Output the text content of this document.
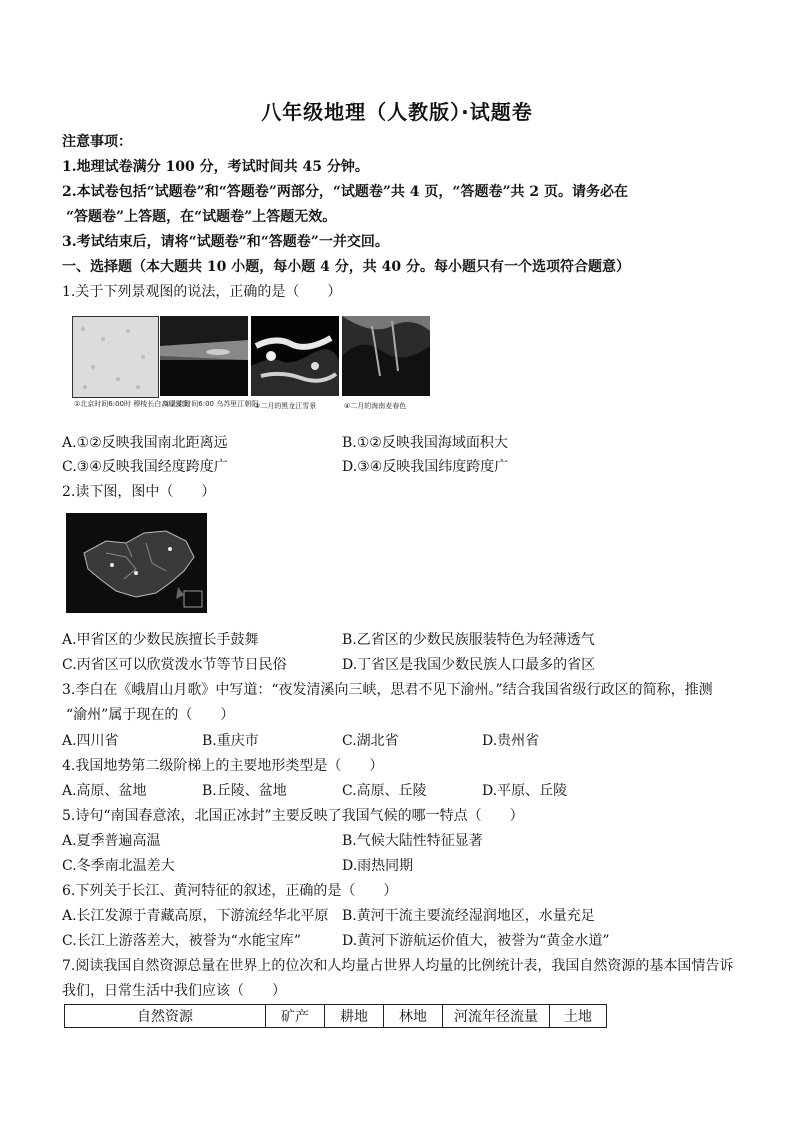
八年级地理（人教版）·试题卷
注意事项：
1.地理试卷满分 100 分，考试时间共 45 分钟。
2.本试卷包括“试题卷”和“答题卷”两部分，“试题卷”共 4 页，“答题卷”共 2 页。请务必在
“答题卷”上答题，在“试题卷”上答题无效。
3.考试结束后，请将“试题卷”和“答题卷”一并交回。
一、选择题（本大题共 10 小题，每小题 4 分，共 40 分。每小题只有一个选项符合题意）
1.关于下列景观图的说法，正确的是（　　）
①北京时间6:00时 穆棱长白高原夏窦
②北京时间6:00 乌苏里江朝阳
③二月的黑龙江雪景	④二月的海南麦春色
A.①②反映我国南北距离远	B.①②反映我国海域面积大
C.③④反映我国经度跨度广	D.③④反映我国纬度跨度广
2.读下图，图中（　　）
A.甲省区的少数民族擅长手鼓舞	B.乙省区的少数民族服装特色为轻薄透气
C.丙省区可以欣赏泼水节等节日民俗	D.丁省区是我国少数民族人口最多的省区
3.李白在《峨眉山月歌》中写道：“夜发清溪向三峡，思君不见下渝州。”结合我国省级行政区的简称，推测
“渝州”属于现在的（　　）
A.四川省	B.重庆市	C.湖北省	D.贵州省
4.我国地势第二级阶梯上的主要地形类型是（　　）
A.高原、盆地	B.丘陵、盆地	C.高原、丘陵	D.平原、丘陵
5.诗句“南国春意浓，北国正冰封”主要反映了我国气候的哪一特点（　　）
A.夏季普遍高温	B.气候大陆性特征显著
C.冬季南北温差大	D.雨热同期
6.下列关于长江、黄河特征的叙述，正确的是（　　）
A.长江发源于青藏高原，下游流经华北平原 B.黄河干流主要流经湿润地区，水量充足
C.长江上游落差大，被誉为“水能宝库”	D.黄河下游航运价值大，被誉为“黄金水道”
7.阅读我国自然资源总量在世界上的位次和人均量占世界人均量的比例统计表，我国自然资源的基本国情告诉
我们，日常生活中我们应该（　　）
自然资源	矿产	耕地	林地	河流年径流量	土地
